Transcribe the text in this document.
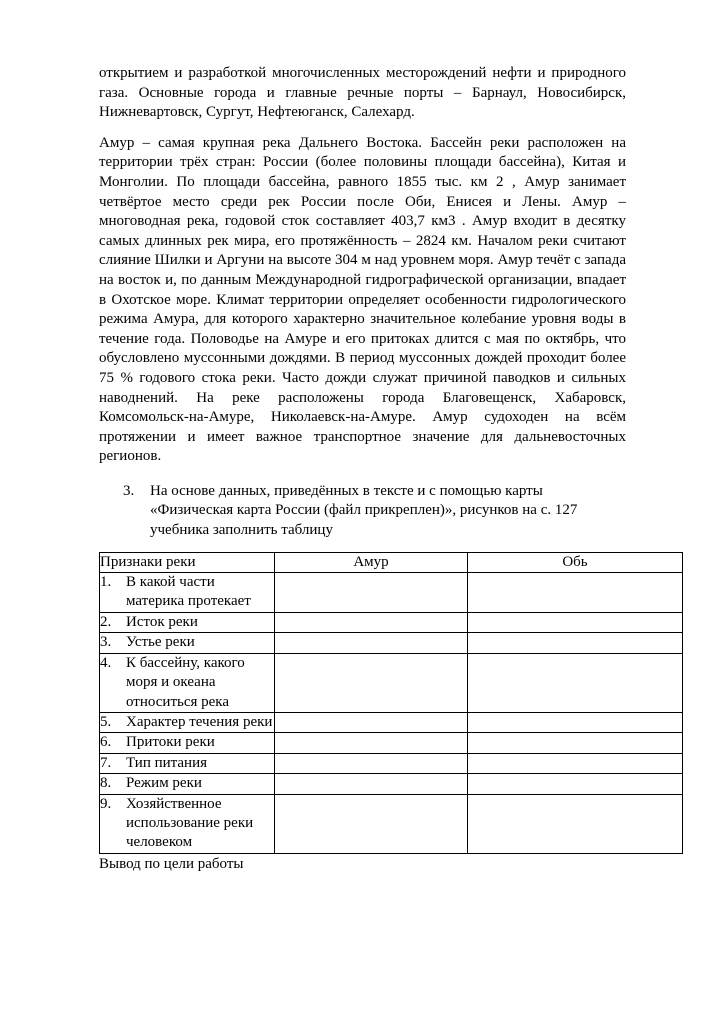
открытием и разработкой многочисленных месторождений нефти и природного газа. Основные города и главные речные порты – Барнаул, Новосибирск, Нижневартовск, Сургут, Нефтеюганск, Салехард.

Амур – самая крупная река Дальнего Востока. Бассейн реки расположен на территории трёх стран: России (более половины площади бассейна), Китая и Монголии. По площади бассейна, равного 1855 тыс. км 2 , Амур занимает четвёртое место среди рек России после Оби, Енисея и Лены. Амур – многоводная река, годовой сток составляет 403,7 км3 . Амур входит в десятку самых длинных рек мира, его протяжённость – 2824 км. Началом реки считают слияние Шилки и Аргуни на высоте 304 м над уровнем моря. Амур течёт с запада на восток и, по данным Международной гидрографической организации, впадает в Охотское море. Климат территории определяет особенности гидрологического режима Амура, для которого характерно значительное колебание уровня воды в течение года. Половодье на Амуре и его притоках длится с мая по октябрь, что обусловлено муссонными дождями. В период муссонных дождей проходит более 75 % годового стока реки. Часто дожди служат причиной паводков и сильных наводнений. На реке расположены города Благовещенск, Хабаровск, Комсомольск-на-Амуре, Николаевск-на-Амуре. Амур судоходен на всём протяжении и имеет важное транспортное значение для дальневосточных регионов.

3.	На основе данных, приведённых в тексте и с помощью карты «Физическая карта России (файл прикреплен)», рисунков на с. 127 учебника заполнить таблицу
Признаки реки	Амур	Обь

1. В какой части материка протекает		

2. Исток реки		

3. Устье реки		

4. К бассейну, какого моря и океана относиться река		

5. Характер течения реки		

6. Притоки реки		

7. Тип питания		

8. Режим реки		

9. Хозяйственное использование реки человеком		

Вывод по цели работы
